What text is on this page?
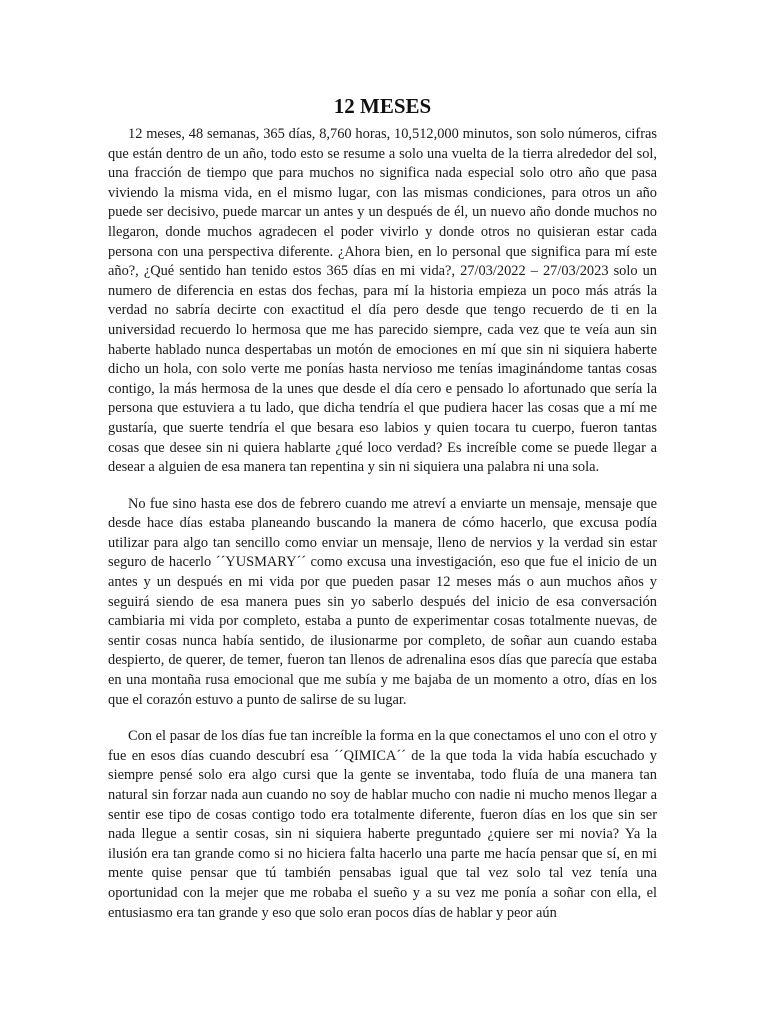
12 MESES

12 meses, 48 semanas, 365 días, 8,760 horas, 10,512,000 minutos, son solo números, cifras que están dentro de un año, todo esto se resume a solo una vuelta de la tierra alrededor del sol, una fracción de tiempo que para muchos no significa nada especial solo otro año que pasa viviendo la misma vida, en el mismo lugar, con las mismas condiciones, para otros un año puede ser decisivo, puede marcar un antes y un después de él, un nuevo año donde muchos no llegaron, donde muchos agradecen el poder vivirlo y donde otros no quisieran estar cada persona con una perspectiva diferente. ¿Ahora bien, en lo personal que significa para mí este año?, ¿Qué sentido han tenido estos 365 días en mi vida?, 27/03/2022 – 27/03/2023 solo un numero de diferencia en estas dos fechas, para mí la historia empieza un poco más atrás la verdad no sabría decirte con exactitud el día pero desde que tengo recuerdo de ti en la universidad recuerdo lo hermosa que me has parecido siempre, cada vez que te veía aun sin haberte hablado nunca despertabas un motón de emociones en mí que sin ni siquiera haberte dicho un hola, con solo verte me ponías hasta nervioso me tenías imaginándome tantas cosas contigo, la más hermosa de la unes que desde el día cero e pensado lo afortunado que sería la persona que estuviera a tu lado, que dicha tendría el que pudiera hacer las cosas que a mí me gustaría, que suerte tendría el que besara eso labios y quien tocara tu cuerpo, fueron tantas cosas que desee sin ni quiera hablarte ¿qué loco verdad? Es increíble come se puede llegar a desear a alguien de esa manera tan repentina y sin ni siquiera una palabra ni una sola.

No fue sino hasta ese dos de febrero cuando me atreví a enviarte un mensaje, mensaje que desde hace días estaba planeando buscando la manera de cómo hacerlo, que excusa podía utilizar para algo tan sencillo como enviar un mensaje, lleno de nervios y la verdad sin estar seguro de hacerlo ´´YUSMARY´´ como excusa una investigación, eso que fue el inicio de un antes y un después en mi vida por que pueden pasar 12 meses más o aun muchos años y seguirá siendo de esa manera pues sin yo saberlo después del inicio de esa conversación cambiaria mi vida por completo, estaba a punto de experimentar cosas totalmente nuevas, de sentir cosas nunca había sentido, de ilusionarme por completo, de soñar aun cuando estaba despierto, de querer, de temer, fueron tan llenos de adrenalina esos días que parecía que estaba en una montaña rusa emocional que me subía y me bajaba de un momento a otro, días en los que el corazón estuvo a punto de salirse de su lugar.

Con el pasar de los días fue tan increíble la forma en la que conectamos el uno con el otro y fue en esos días cuando descubrí esa ´´QIMICA´´ de la que toda la vida había escuchado y siempre pensé solo era algo cursi que la gente se inventaba, todo fluía de una manera tan natural sin forzar nada aun cuando no soy de hablar mucho con nadie ni mucho menos llegar a sentir ese tipo de cosas contigo todo era totalmente diferente, fueron días en los que sin ser nada llegue a sentir cosas, sin ni siquiera haberte preguntado ¿quiere ser mi novia? Ya la ilusión era tan grande como si no hiciera falta hacerlo una parte me hacía pensar que sí, en mi mente quise pensar que tú también pensabas igual que tal vez solo tal vez tenía una oportunidad con la mejer que me robaba el sueño y a su vez me ponía a soñar con ella, el entusiasmo era tan grande y eso que solo eran pocos días de hablar y peor aún
